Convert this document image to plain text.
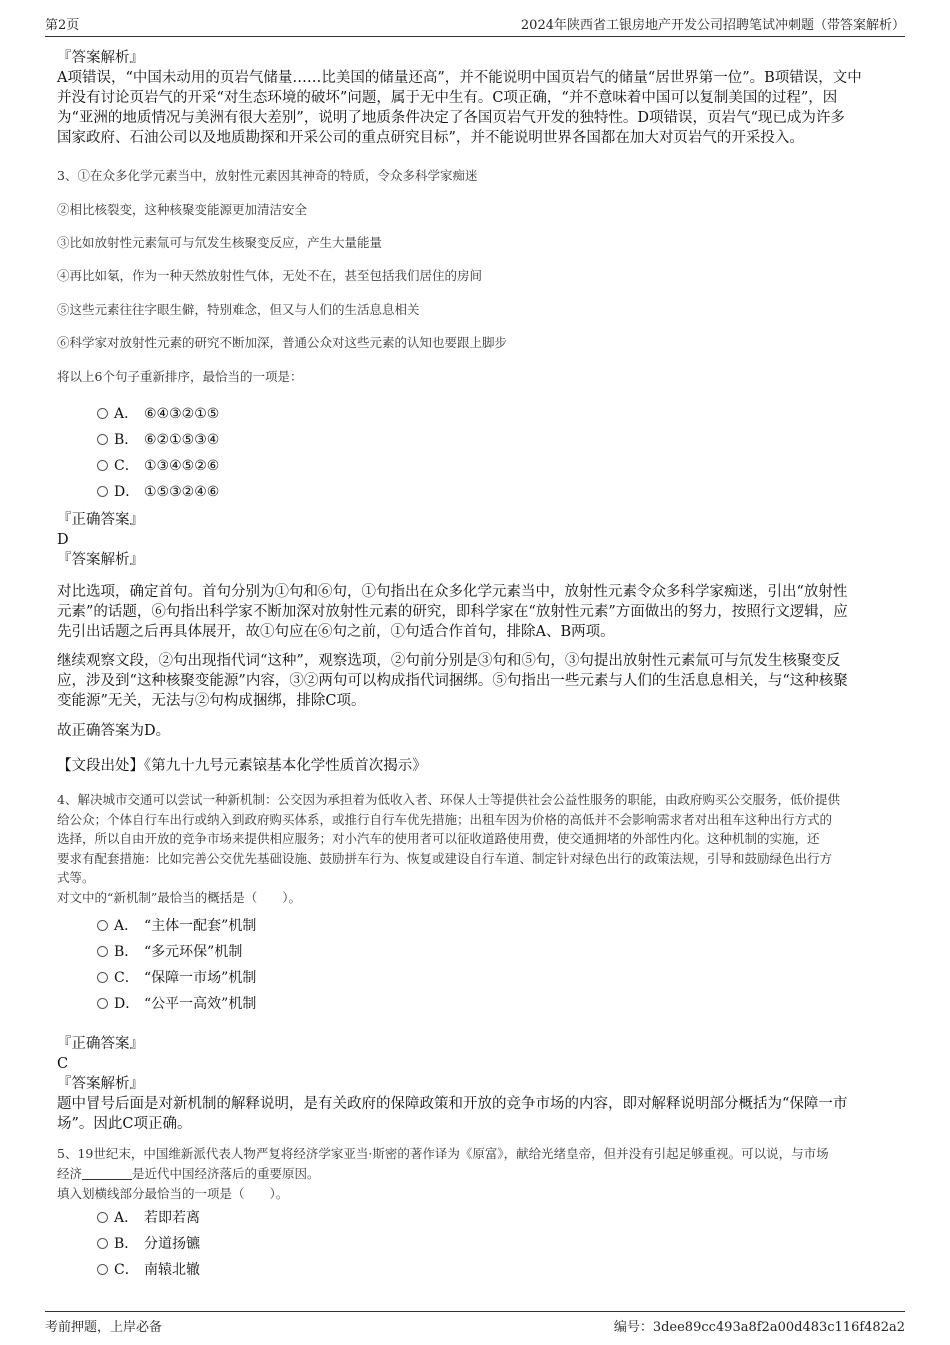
第2页	2024年陕西省工银房地产开发公司招聘笔试冲刺题（带答案解析）

『答案解析』

A项错误，“中国未动用的页岩气储量……比美国的储量还高”，并不能说明中国页岩气的储量“居世界第一位”。B项错误，文中

并没有讨论页岩气的开采“对生态环境的破坏”问题，属于无中生有。C项正确，“并不意味着中国可以复制美国的过程”，因

为“亚洲的地质情况与美洲有很大差别”，说明了地质条件决定了各国页岩气开发的独特性。D项错误，页岩气“现已成为许多

国家政府、石油公司以及地质勘探和开采公司的重点研究目标”，并不能说明世界各国都在加大对页岩气的开采投入。

3、①在众多化学元素当中，放射性元素因其神奇的特质，令众多科学家痴迷
②相比核裂变，这种核聚变能源更加清洁安全
③比如放射性元素氚可与氘发生核聚变反应，产生大量能量
④再比如氡，作为一种天然放射性气体，无处不在，甚至包括我们居住的房间
⑤这些元素往往字眼生僻，特别难念，但又与人们的生活息息相关
⑥科学家对放射性元素的研究不断加深，普通公众对这些元素的认知也要跟上脚步
将以上6个句子重新排序，最恰当的一项是：
A． ⑥④③②①⑤
B． ⑥②①⑤③④
C． ①③④⑤②⑥
D． ①⑤③②④⑥

『正确答案』

D

『答案解析』

对比选项，确定首句。首句分别为①句和⑥句，①句指出在众多化学元素当中，放射性元素令众多科学家痴迷，引出“放射性

元素”的话题，⑥句指出科学家不断加深对放射性元素的研究，即科学家在“放射性元素”方面做出的努力，按照行文逻辑，应

先引出话题之后再具体展开，故①句应在⑥句之前，①句适合作首句，排除A、B两项。

继续观察文段，②句出现指代词“这种”，观察选项，②句前分别是③句和⑤句，③句提出放射性元素氚可与氘发生核聚变反

应，涉及到“这种核聚变能源”内容，③②两句可以构成指代词捆绑。⑤句指出一些元素与人们的生活息息相关，与“这种核聚

变能源”无关，无法与②句构成捆绑，排除C项。

故正确答案为D。
【文段出处】《第九十九号元素锿基本化学性质首次揭示》

4、解决城市交通可以尝试一种新机制：公交因为承担着为低收入者、环保人士等提供社会公益性服务的职能，由政府购买公交服务，低价提供

给公众；个体自行车出行或纳入到政府购买体系，或推行自行车优先措施；出租车因为价格的高低并不会影响需求者对出租车这种出行方式的

选择，所以自由开放的竞争市场来提供相应服务；对小汽车的使用者可以征收道路使用费，使交通拥堵的外部性内化。这种机制的实施，还

要求有配套措施：比如完善公交优先基础设施、鼓励拼车行为、恢复或建设自行车道、制定针对绿色出行的政策法规，引导和鼓励绿色出行方

式等。

对文中的“新机制”最恰当的概括是（　　）。

A． “主体一配套”机制
B． “多元环保”机制
C． “保障一市场”机制
D． “公平一高效”机制

『正确答案』

C

『答案解析』

题中冒号后面是对新机制的解释说明，是有关政府的保障政策和开放的竞争市场的内容，即对解释说明部分概括为“保障一市

场”。因此C项正确。

5、19世纪末，中国维新派代表人物严复将经济学家亚当·斯密的著作译为《原富》，献给光绪皇帝，但并没有引起足够重视。可以说，与市场

经济	是近代中国经济落后的重要原因。

填入划横线部分最恰当的一项是（　　）。

A． 若即若离
B． 分道扬镳
C． 南辕北辙
考前押题，上岸必备	编号：3dee89cc493a8f2a00d483c116f482a2
